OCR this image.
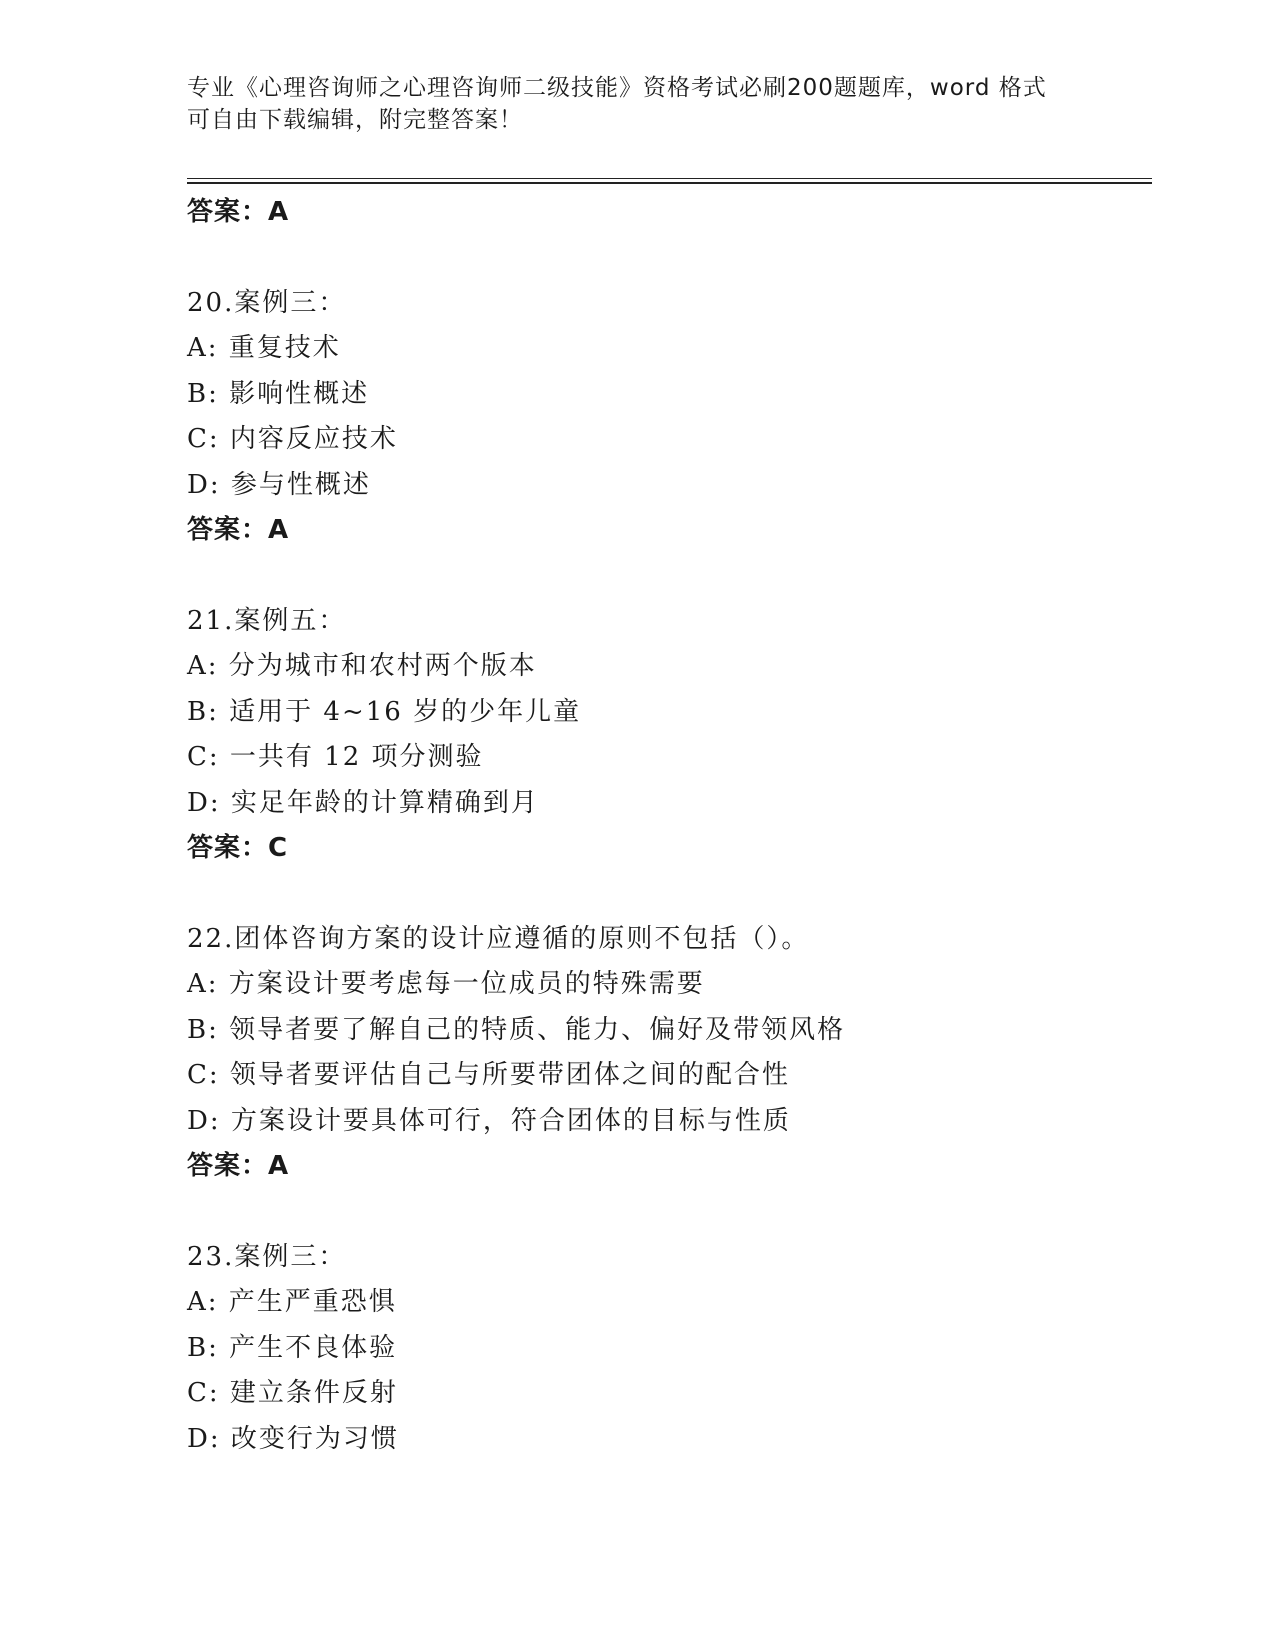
专业《心理咨询师之心理咨询师二级技能》资格考试必刷200题题库，word 格式
可自由下载编辑，附完整答案！
答案：A
20.案例三：
A: 重复技术
B: 影响性概述
C: 内容反应技术
D: 参与性概述
答案：A
21.案例五：
A: 分为城市和农村两个版本
B: 适用于 4~16 岁的少年儿童
C: 一共有 12 项分测验
D: 实足年龄的计算精确到月
答案：C
22.团体咨询方案的设计应遵循的原则不包括（）。
A: 方案设计要考虑每一位成员的特殊需要
B: 领导者要了解自己的特质、能力、偏好及带领风格
C: 领导者要评估自己与所要带团体之间的配合性
D: 方案设计要具体可行，符合团体的目标与性质
答案：A
23.案例三：
A: 产生严重恐惧
B: 产生不良体验
C: 建立条件反射
D: 改变行为习惯
